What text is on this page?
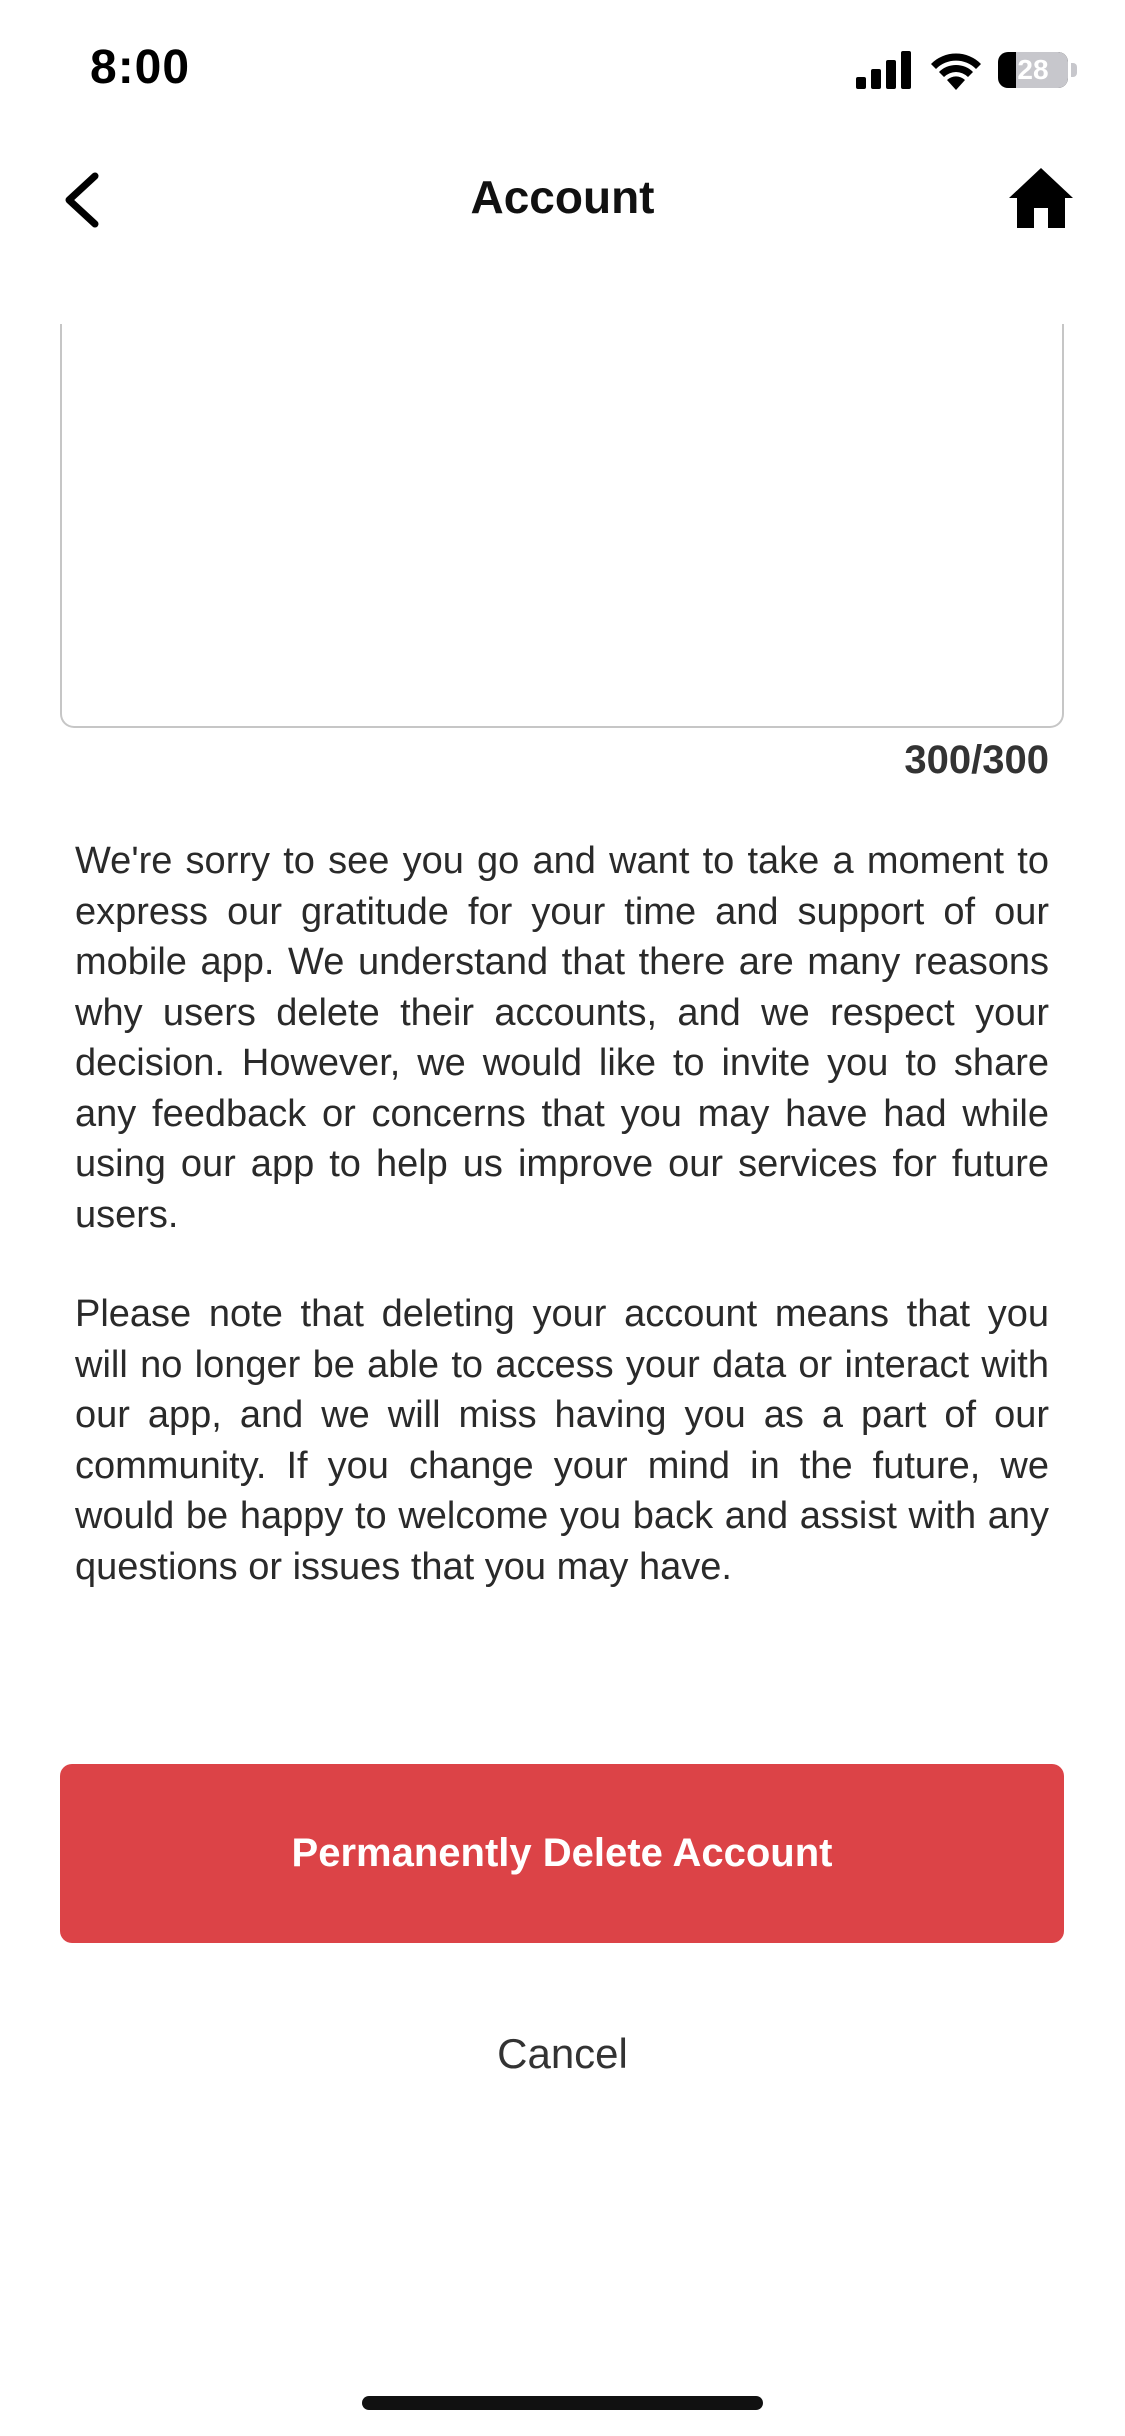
8:00	28
Account
300/300

We're sorry to see you go and want to take a moment to express our gratitude for your time and support of our mobile app. We understand that there are many reasons why users delete their accounts, and we respect your decision. However, we would like to invite you to share any feedback or concerns that you may have had while using our app to help us improve our services for future users.

Please note that deleting your account means that you will no longer be able to access your data or interact with our app, and we will miss having you as a part of our community. If you change your mind in the future, we would be happy to welcome you back and assist with any questions or issues that you may have.

Permanently Delete Account
Cancel
